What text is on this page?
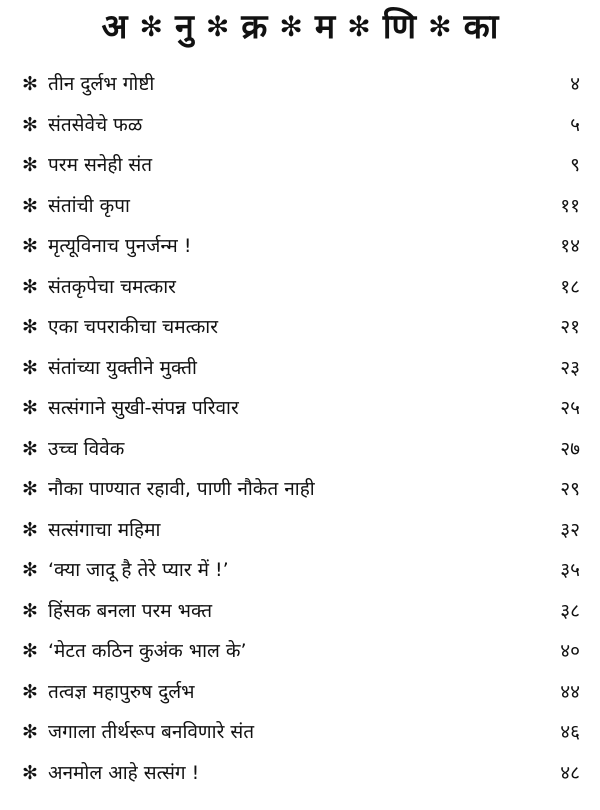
अ ✻ नु ✻ क्र ✻ म ✻ णि ✻ का
✻ तीन दुर्लभ गोष्टी	४
✻ संतसेवेचे फळ	५
✻ परम सनेही संत	९
✻ संतांची कृपा	११
✻ मृत्यूविनाच पुनर्जन्म !	१४
✻ संतकृपेचा चमत्कार	१८
✻ एका चपराकीचा चमत्कार	२१
✻ संतांच्या युक्तीने मुक्ती	२३
✻ सत्संगाने सुखी-संपन्न परिवार	२५
✻ उच्च विवेक	२७
✻ नौका पाण्यात रहावी, पाणी नौकेत नाही	२९
✻ सत्संगाचा महिमा	३२
✻ ‘क्या जादू है तेरे प्यार में !’	३५
✻ हिंसक बनला परम भक्त	३८
✻ ‘मेटत कठिन कुअंक भाल के’	४०
✻ तत्वज्ञ महापुरुष दुर्लभ	४४
✻ जगाला तीर्थरूप बनविणारे संत	४६
✻ अनमोल आहे सत्संग !	४८
